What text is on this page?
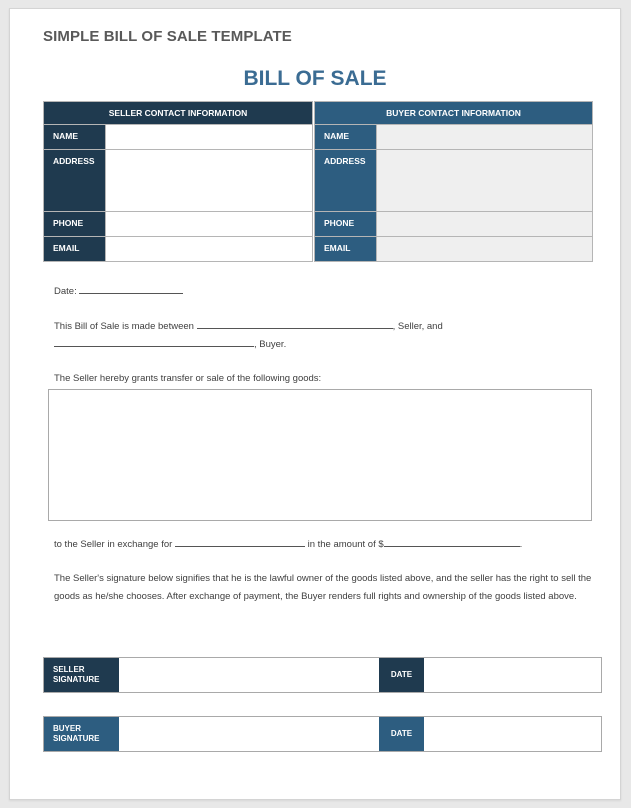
SIMPLE BILL OF SALE TEMPLATE
BILL OF SALE
SELLER CONTACT INFORMATION	
NAME	
ADDRESS	
PHONE	
EMAIL	
BUYER CONTACT INFORMATION	
NAME	
ADDRESS	
PHONE	
EMAIL	
Date:
This Bill of Sale is made between	, Seller, and
, Buyer.
The Seller hereby grants transfer or sale of the following goods:
to the Seller in exchange for	in the amount of $	.
The Seller's signature below signifies that he is the lawful owner of the goods listed above, and the seller has the right to sell the goods as he/she chooses. After exchange of payment, the Buyer renders full rights and ownership of the goods listed above.
SELLER
SIGNATURE
DATE
BUYER
SIGNATURE
DATE
